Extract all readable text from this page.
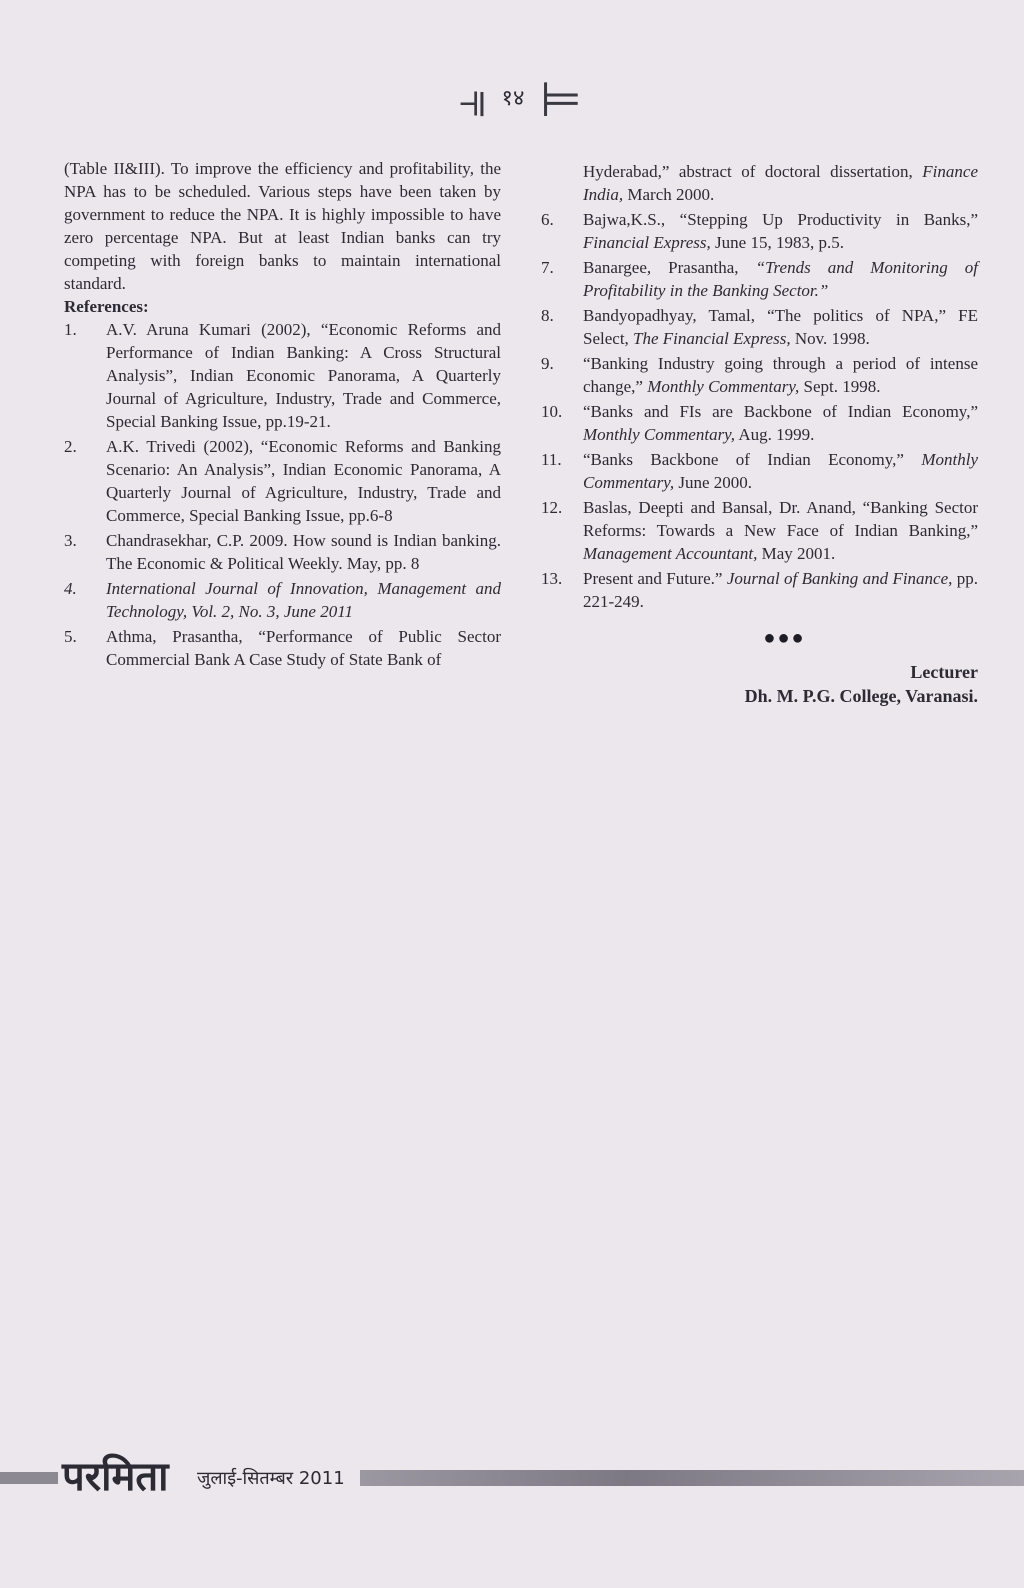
⫣ १४ ⊨

(Table II&III). To improve the efficiency and profitability, the NPA has to be scheduled. Various steps have been taken by government to reduce the NPA. It is highly impossible to have zero percentage NPA. But at least Indian banks can try competing with foreign banks to maintain international standard.

References:

1.	A.V. Aruna Kumari (2002), “Economic Reforms and Performance of Indian Banking: A Cross Structural Analysis”, Indian Economic Panorama, A Quarterly Journal of Agriculture, Industry, Trade and Commerce, Special Banking Issue, pp.19-21.
2.	A.K. Trivedi (2002), “Economic Reforms and Banking Scenario: An Analysis”, Indian Economic Panorama, A Quarterly Journal of Agriculture, Industry, Trade and Commerce, Special Banking Issue, pp.6-8
3.	Chandrasekhar, C.P. 2009. How sound is Indian banking. The Economic & Political Weekly. May, pp. 8
4.	International Journal of Innovation, Management and Technology, Vol. 2, No. 3, June 2011
5.	Athma, Prasantha, “Performance of Public Sector Commercial Bank A Case Study of State Bank of
Hyderabad,” abstract of doctoral dissertation, Finance India, March 2000.
6.	Bajwa,K.S., “Stepping Up Productivity in Banks,” Financial Express, June 15, 1983, p.5.
7.	Banargee, Prasantha, “Trends and Monitoring of Profitability in the Banking Sector.”
8.	Bandyopadhyay, Tamal, “The politics of NPA,” FE Select, The Financial Express, Nov. 1998.
9.	“Banking Industry going through a period of intense change,” Monthly Commentary, Sept. 1998.
10.	“Banks and FIs are Backbone of Indian Economy,” Monthly Commentary, Aug. 1999.
11.	“Banks Backbone of Indian Economy,” Monthly Commentary, June 2000.
12.	Baslas, Deepti and Bansal, Dr. Anand, “Banking Sector Reforms: Towards a New Face of Indian Banking,” Management Accountant, May 2001.
13.	Present and Future.” Journal of Banking and Finance, pp. 221-249.
●●●
Lecturer
Dh. M. P.G. College, Varanasi.
परमिता जुलाई-सितम्बर 2011
